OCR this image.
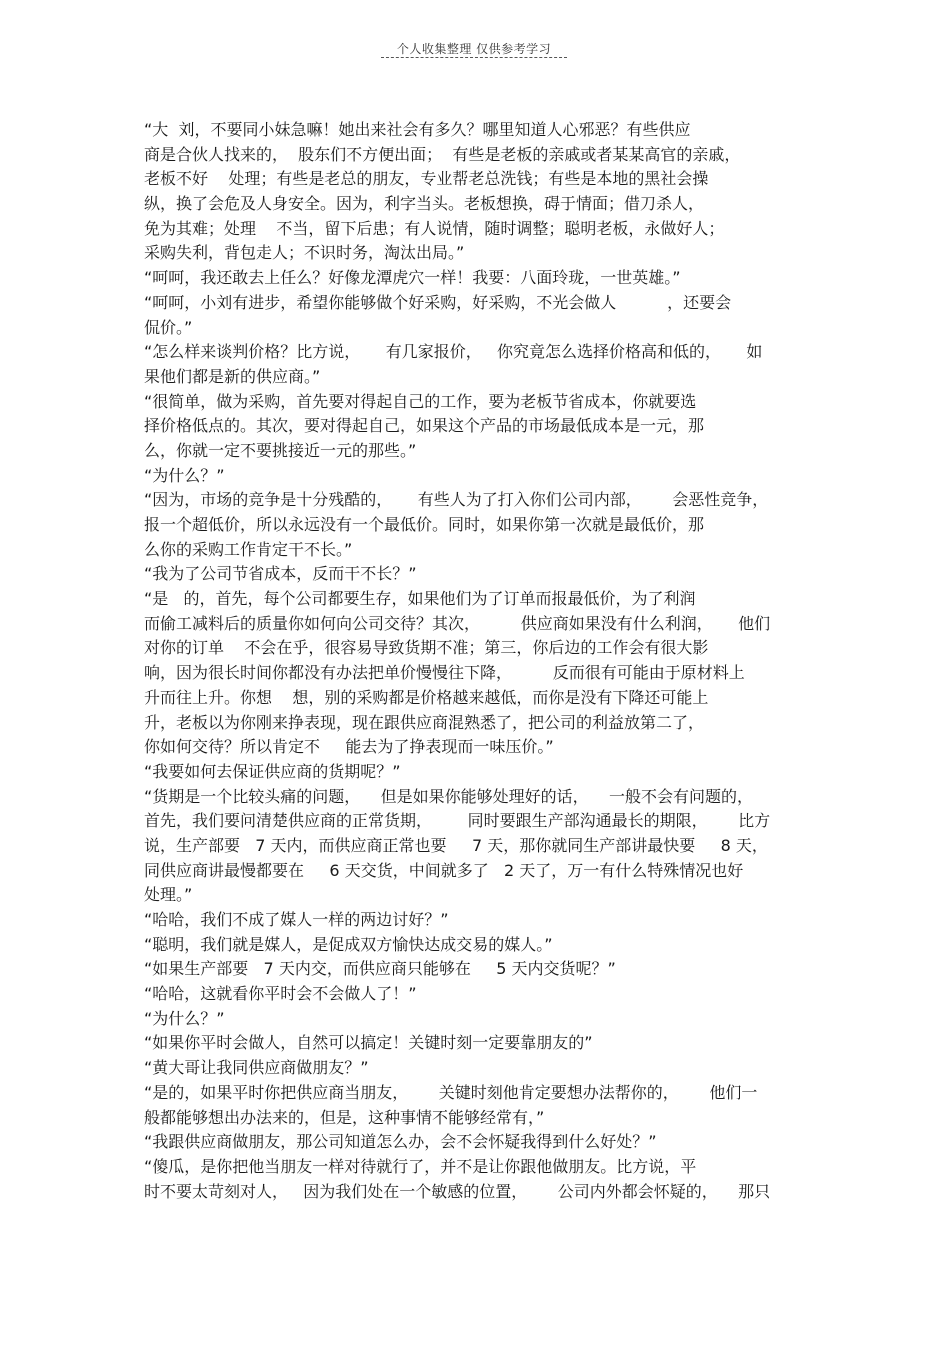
个人收集整理 仅供参考学习
“大  刘，不要同小妹急嘛！她出来社会有多久？哪里知道人心邪恶？有些供应
商是合伙人找来的，  股东们不方便出面；  有些是老板的亲戚或者某某高官的亲戚，
老板不好    处理；有些是老总的朋友，专业帮老总洗钱；有些是本地的黑社会操
纵，换了会危及人身安全。因为，利字当头。老板想换，碍于情面；借刀杀人，
免为其难；处理    不当，留下后患；有人说情，随时调整；聪明老板，永做好人；
采购失利，背包走人；不识时务，淘汰出局。”
“呵呵，我还敢去上任么？好像龙潭虎穴一样！我要：八面玲珑，一世英雄。”
“呵呵，小刘有进步，希望你能够做个好采购，好采购，不光会做人          ，还要会
侃价。”
“怎么样来谈判价格？比方说，     有几家报价，   你究竟怎么选择价格高和低的，     如
果他们都是新的供应商。”
“很简单，做为采购，首先要对得起自己的工作，要为老板节省成本，你就要选
择价格低点的。其次，要对得起自己，如果这个产品的市场最低成本是一元，那
么，你就一定不要挑接近一元的那些。”
“为什么？”
“因为，市场的竞争是十分残酷的，     有些人为了打入你们公司内部，      会恶性竞争，
报一个超低价，所以永远没有一个最低价。同时，如果你第一次就是最低价，那
么你的采购工作肯定干不长。”
“我为了公司节省成本，反而干不长？”
“是   的，首先，每个公司都要生存，如果他们为了订单而报最低价，为了利润
而偷工减料后的质量你如何向公司交待？其次，        供应商如果没有什么利润，     他们
对你的订单    不会在乎，很容易导致货期不准；第三，你后边的工作会有很大影
响，因为很长时间你都没有办法把单价慢慢往下降，        反而很有可能由于原材料上
升而往上升。你想    想，别的采购都是价格越来越低，而你是没有下降还可能上
升，老板以为你刚来挣表现，现在跟供应商混熟悉了，把公司的利益放第二了，
你如何交待？所以肯定不     能去为了挣表现而一味压价。”
“我要如何去保证供应商的货期呢？”
“货期是一个比较头痛的问题，    但是如果你能够处理好的话，    一般不会有问题的，
首先，我们要问清楚供应商的正常货期，       同时要跟生产部沟通最长的期限，      比方
说，生产部要   7 天内，而供应商正常也要     7 天，那你就同生产部讲最快要     8 天，
同供应商讲最慢都要在     6 天交货，中间就多了   2 天了，万一有什么特殊情况也好
处理。”
“哈哈，我们不成了媒人一样的两边讨好？”
“聪明，我们就是媒人，是促成双方愉快达成交易的媒人。”
“如果生产部要   7 天内交，而供应商只能够在     5 天内交货呢？”
“哈哈，这就看你平时会不会做人了！”
“为什么？”
“如果你平时会做人，自然可以搞定！关键时刻一定要靠朋友的”
“黄大哥让我同供应商做朋友？”
“是的，如果平时你把供应商当朋友，      关键时刻他肯定要想办法帮你的，      他们一
般都能够想出办法来的，但是，这种事情不能够经常有，”
“我跟供应商做朋友，那公司知道怎么办，会不会怀疑我得到什么好处？”
“傻瓜，是你把他当朋友一样对待就行了，并不是让你跟他做朋友。比方说，平
时不要太苛刻对人，   因为我们处在一个敏感的位置，      公司内外都会怀疑的，    那只
